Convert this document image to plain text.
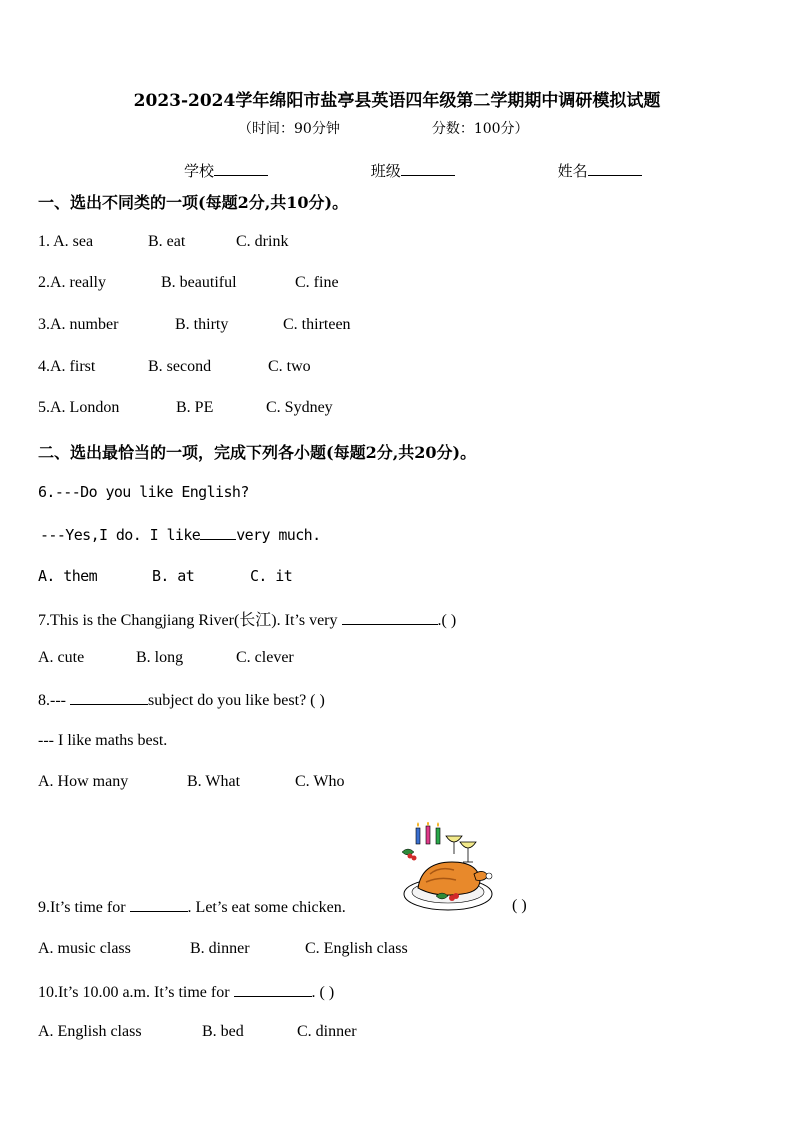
2023-2024学年绵阳市盐亭县英语四年级第二学期期中调研模拟试题
（时间：90分钟	分数：100分）
学校	班级	姓名
一、选出不同类的一项(每题2分,共10分)。
1. A. sea	B. eat	C. drink
2.A. really	B. beautiful	C. fine
3.A. number	B. thirty	C. thirteen
4.A. first	B. second	C. two
5.A. London	B. PE	C. Sydney
二、选出最恰当的一项，完成下列各小题(每题2分,共20分)。
6.---Do you like English?
---Yes,I do. I like very much.
A. them	B. at	C. it
7.This is the Changjiang River(长江). It’s very	.( )
A. cute	B. long	C. clever
8.---	subject do you like best? ( )
--- I like maths best.
A. How many	B. What	C. Who
9.It’s time for	. Let’s eat some chicken.	( )
A. music class	B. dinner	C. English class
10.It’s 10.00 a.m. It’s time for	. ( )
A. English class	B. bed	C. dinner
